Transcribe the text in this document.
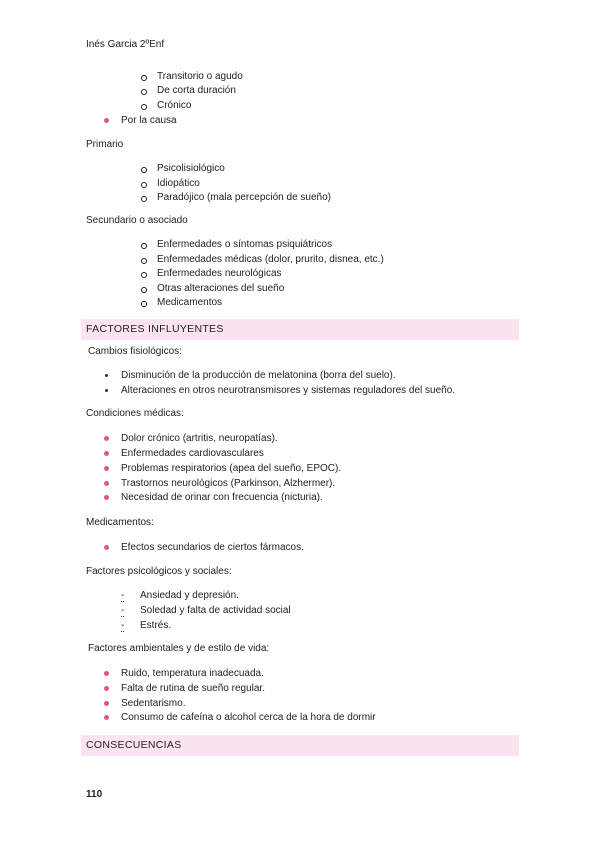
Inés Garcia 2ºEnf
Transitorio o agudo
De corta duración
Crónico
Por la causa
Primario
Psicolisiológico
Idiopático
Paradójico (mala percepción de sueño)
Secundario o asociado
Enfermedades o síntomas psiquiátricos
Enfermedades médicas (dolor, prurito, disnea, etc.)
Enfermedades neurológicas
Otras alteraciones del sueño
Medicamentos
FACTORES INFLUYENTES
Cambios fisiológicos:
Disminución de la producción de melatonina (borra del suelo).
Alteraciones en otros neurotransmisores y sistemas reguladores del sueño.
Condiciones médicas:
Dolor crónico (artritis, neuropatías).
Enfermedades cardiovasculares
Problemas respiratorios (apea del sueño, EPOC).
Trastornos neurológicos (Parkinson, Alzhermer).
Necesidad de orinar con frecuencia (nicturia).
Medicamentos:
Efectos secundarios de ciertos fármacos.
Factores psicológicos y sociales:
- Ansiedad y depresión.
- Soledad y falta de actividad social
- Estrés.
Factores ambientales y de estilo de vida:
Ruido, temperatura inadecuada.
Falta de rutina de sueño regular.
Sedentarismo.
Consumo de cafeína o alcohol cerca de la hora de dormir
CONSECUENCIAS
110
